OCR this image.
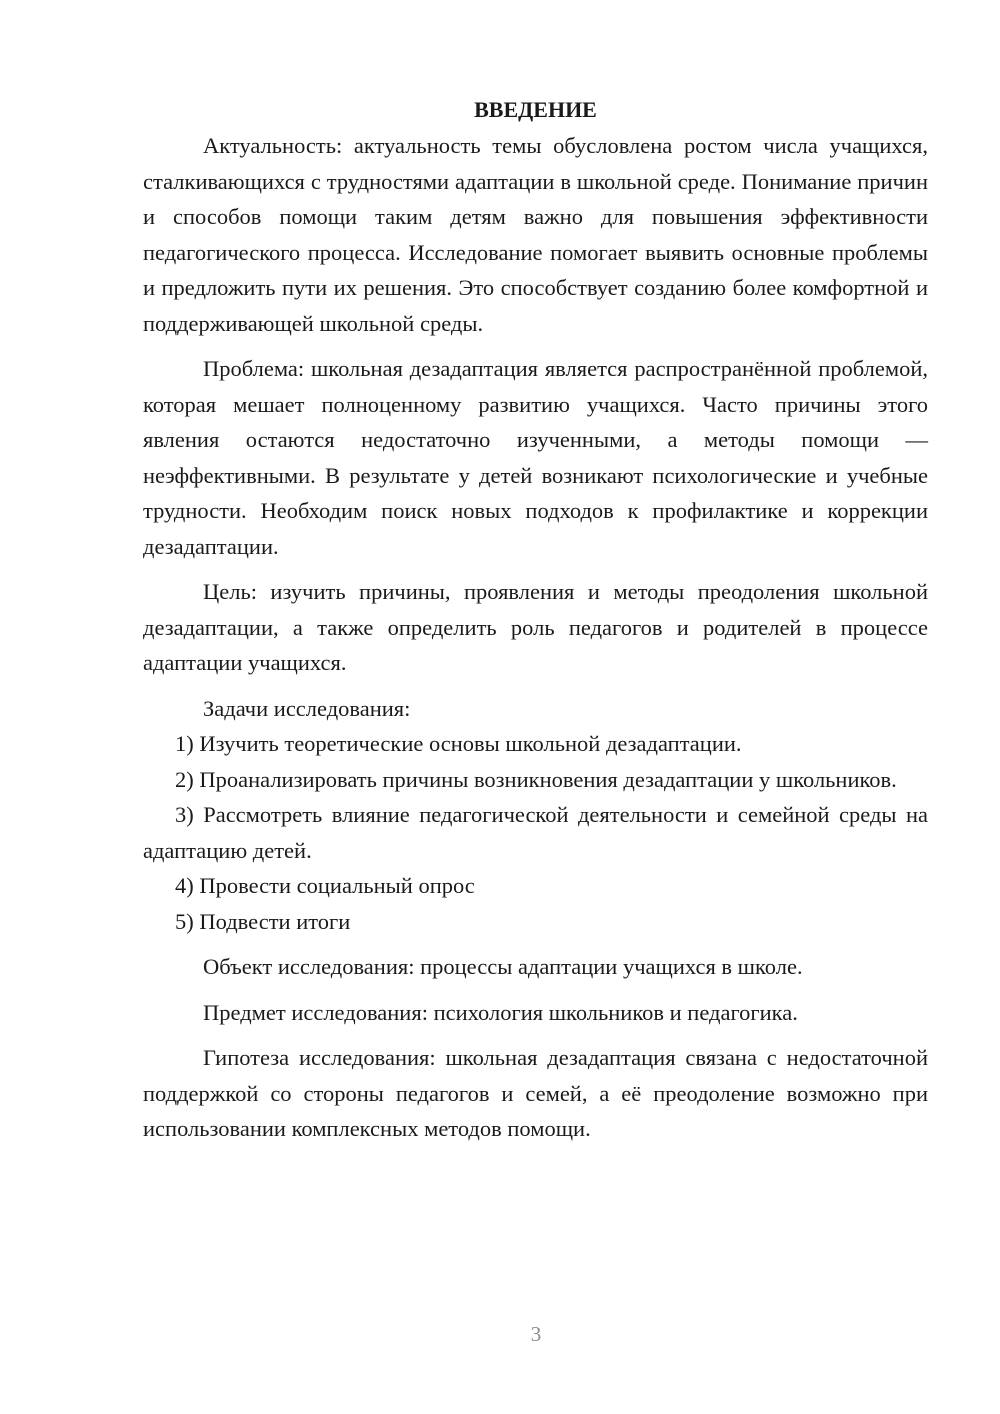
ВВЕДЕНИЕ

Актуальность: актуальность темы обусловлена ростом числа учащихся, сталкивающихся с трудностями адаптации в школьной среде. Понимание причин и способов помощи таким детям важно для повышения эффективности педагогического процесса. Исследование помогает выявить основные проблемы и предложить пути их решения. Это способствует созданию более комфортной и поддерживающей школьной среды.

Проблема: школьная дезадаптация является распространённой проблемой, которая мешает полноценному развитию учащихся. Часто причины этого явления остаются недостаточно изученными, а методы помощи — неэффективными. В результате у детей возникают психологические и учебные трудности. Необходим поиск новых подходов к профилактике и коррекции дезадаптации.

Цель: изучить причины, проявления и методы преодоления школьной дезадаптации, а также определить роль педагогов и родителей в процессе адаптации учащихся.

Задачи исследования:

1) Изучить теоретические основы школьной дезадаптации.

2) Проанализировать причины возникновения дезадаптации у школьников.

3) Рассмотреть влияние педагогической деятельности и семейной среды на адаптацию детей.

4) Провести социальный опрос

5) Подвести итоги

Объект исследования: процессы адаптации учащихся в школе.

Предмет исследования: психология школьников и педагогика.

Гипотеза исследования: школьная дезадаптация связана с недостаточной поддержкой со стороны педагогов и семей, а её преодоление возможно при использовании комплексных методов помощи.

3
